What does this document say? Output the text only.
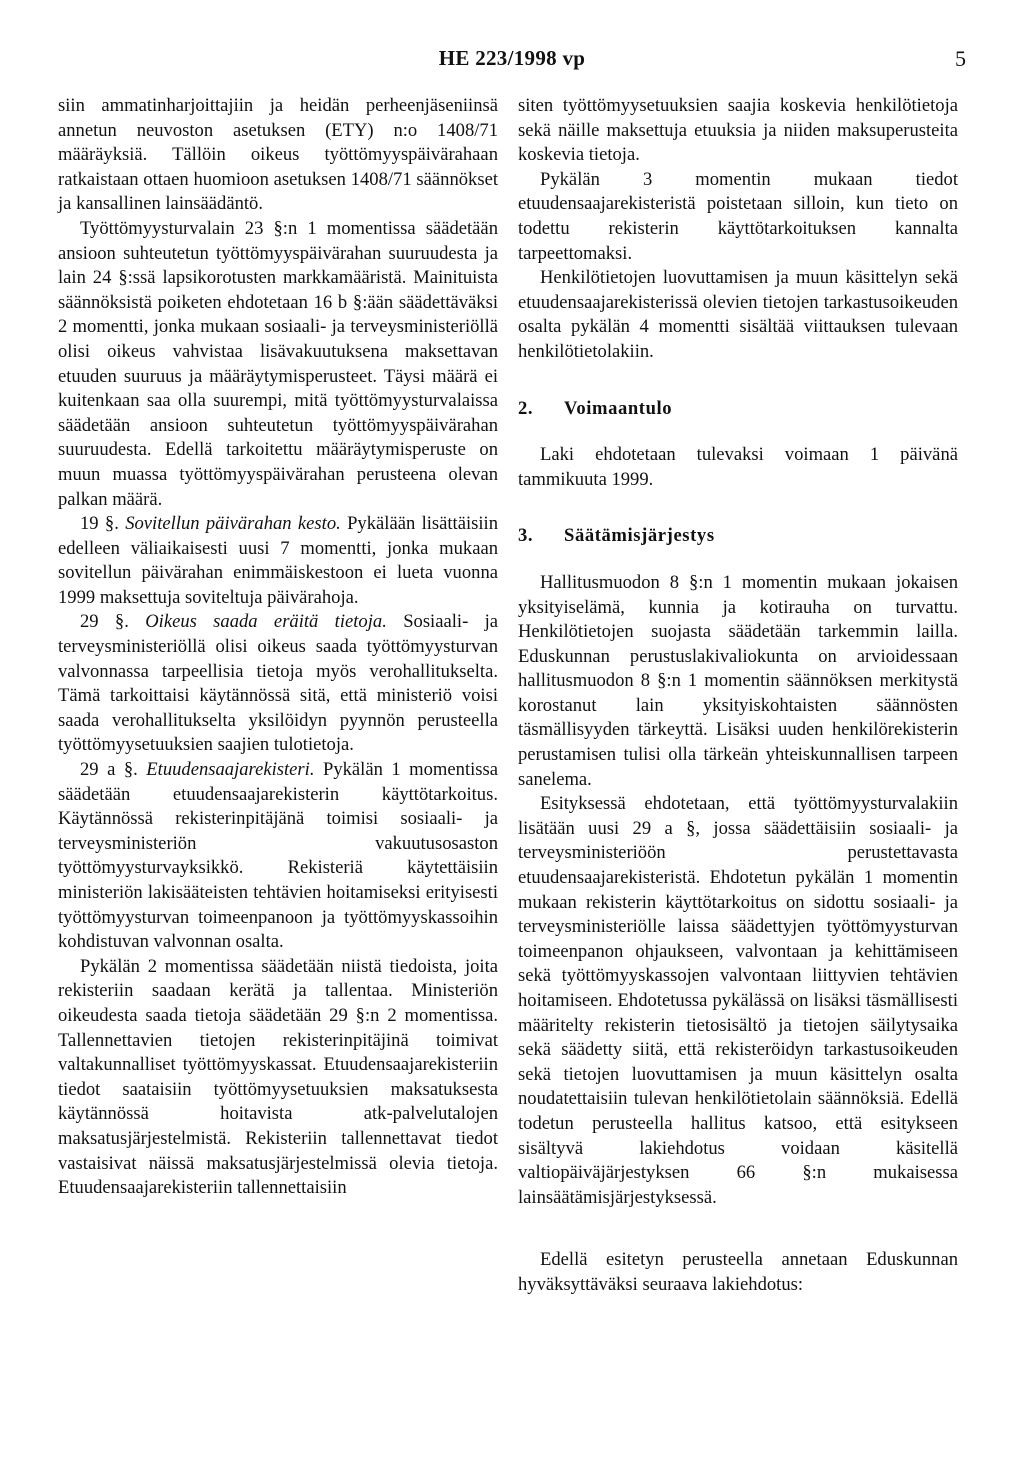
HE 223/1998 vp	5

siin ammatinharjoittajiin ja heidän perheenjäseniinsä annetun neuvoston asetuksen (ETY) n:o 1408/71 määräyksiä. Tällöin oikeus työttömyyspäivärahaan ratkaistaan ottaen huomioon asetuksen 1408/71 säännökset ja kansallinen lainsäädäntö.

Työttömyysturvalain 23 §:n 1 momentissa säädetään ansioon suhteutetun työttömyyspäivärahan suuruudesta ja lain 24 §:ssä lapsikorotusten markkamääristä. Mainituista säännöksistä poiketen ehdotetaan 16 b §:ään säädettäväksi 2 momentti, jonka mukaan sosiaali- ja terveysministeriöllä olisi oikeus vahvistaa lisävakuutuksena maksettavan etuuden suuruus ja määräytymisperusteet. Täysi määrä ei kuitenkaan saa olla suurempi, mitä työttömyysturvalaissa säädetään ansioon suhteutetun työttömyyspäivärahan suuruudesta. Edellä tarkoitettu määräytymisperuste on muun muassa työttömyyspäivärahan perusteena olevan palkan määrä.

19 §. Sovitellun päivärahan kesto. Pykälään lisättäisiin edelleen väliaikaisesti uusi 7 momentti, jonka mukaan sovitellun päivärahan enimmäiskestoon ei lueta vuonna 1999 maksettuja soviteltuja päivärahoja.

29 §. Oikeus saada eräitä tietoja. Sosiaali- ja terveysministeriöllä olisi oikeus saada työttömyysturvan valvonnassa tarpeellisia tietoja myös verohallitukselta. Tämä tarkoittaisi käytännössä sitä, että ministeriö voisi saada verohallitukselta yksilöidyn pyynnön perusteella työttömyysetuuksien saajien tulotietoja.

29 a §. Etuudensaajarekisteri. Pykälän 1 momentissa säädetään etuudensaajarekisterin käyttötarkoitus. Käytännössä rekisterinpitäjänä toimisi sosiaali- ja terveysministeriön vakuutusosaston työttömyysturvayksikkö. Rekisteriä käytettäisiin ministeriön lakisääteisten tehtävien hoitamiseksi erityisesti työttömyysturvan toimeenpanoon ja työttömyyskassoihin kohdistuvan valvonnan osalta.

Pykälän 2 momentissa säädetään niistä tiedoista, joita rekisteriin saadaan kerätä ja tallentaa. Ministeriön oikeudesta saada tietoja säädetään 29 §:n 2 momentissa. Tallennettavien tietojen rekisterinpitäjinä toimivat valtakunnalliset työttömyyskassat. Etuudensaajarekisteriin tiedot saataisiin työttömyysetuuksien maksatuksesta käytännössä hoitavista atk-palvelutalojen maksatusjärjestelmistä. Rekisteriin tallennettavat tiedot vastaisivat näissä maksatusjärjestelmissä olevia tietoja. Etuudensaajarekisteriin tallennettaisiin

siten työttömyysetuuksien saajia koskevia henkilötietoja sekä näille maksettuja etuuksia ja niiden maksuperusteita koskevia tietoja.

Pykälän 3 momentin mukaan tiedot etuudensaajarekisteristä poistetaan silloin, kun tieto on todettu rekisterin käyttötarkoituksen kannalta tarpeettomaksi.

Henkilötietojen luovuttamisen ja muun käsittelyn sekä etuudensaajarekisterissä olevien tietojen tarkastusoikeuden osalta pykälän 4 momentti sisältää viittauksen tulevaan henkilötietolakiin.

2.	Voimaantulo

Laki ehdotetaan tulevaksi voimaan 1 päivänä tammikuuta 1999.

3.	Säätämisjärjestys

Hallitusmuodon 8 §:n 1 momentin mukaan jokaisen yksityiselämä, kunnia ja kotirauha on turvattu. Henkilötietojen suojasta säädetään tarkemmin lailla. Eduskunnan perustuslakivaliokunta on arvioidessaan hallitusmuodon 8 §:n 1 momentin säännöksen merkitystä korostanut lain yksityiskohtaisten säännösten täsmällisyyden tärkeyttä. Lisäksi uuden henkilörekisterin perustamisen tulisi olla tärkeän yhteiskunnallisen tarpeen sanelema.

Esityksessä ehdotetaan, että työttömyysturvalakiin lisätään uusi 29 a §, jossa säädettäisiin sosiaali- ja terveysministeriöön perustettavasta etuudensaajarekisteristä. Ehdotetun pykälän 1 momentin mukaan rekisterin käyttötarkoitus on sidottu sosiaali- ja terveysministeriölle laissa säädettyjen työttömyysturvan toimeenpanon ohjaukseen, valvontaan ja kehittämiseen sekä työttömyyskassojen valvontaan liittyvien tehtävien hoitamiseen. Ehdotetussa pykälässä on lisäksi täsmällisesti määritelty rekisterin tietosisältö ja tietojen säilytysaika sekä säädetty siitä, että rekisteröidyn tarkastusoikeuden sekä tietojen luovuttamisen ja muun käsittelyn osalta noudatettaisiin tulevan henkilötietolain säännöksiä. Edellä todetun perusteella hallitus katsoo, että esitykseen sisältyvä lakiehdotus voidaan käsitellä valtiopäiväjärjestyksen 66 §:n mukaisessa lainsäätämisjärjestyksessä.

Edellä esitetyn perusteella annetaan Eduskunnan hyväksyttäväksi seuraava lakiehdotus:
